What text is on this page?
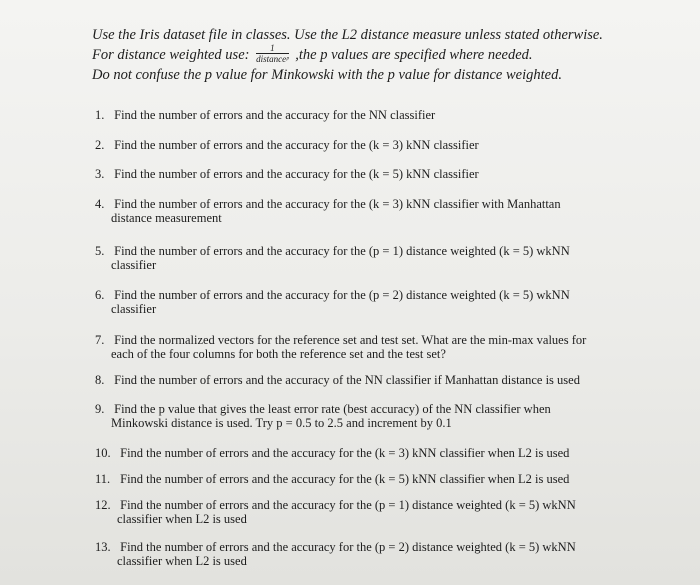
Use the Iris dataset file in classes. Use the L2 distance measure unless stated otherwise.
For distance weighted use: $\frac{1}{\text{distanceᵖ}} ,the$ p values are specified where needed.
Do not confuse the p value for Minkowski with the p value for distance weighted.
1. Find the number of errors and the accuracy for the NN classifier
2. Find the number of errors and the accuracy for the (k = 3) kNN classifier
3. Find the number of errors and the accuracy for the (k = 5) kNN classifier
4. Find the number of errors and the accuracy for the (k = 3) kNN classifier with Manhattan
distance measurement
5. Find the number of errors and the accuracy for the (p = 1) distance weighted (k = 5) wkNN
classifier
6. Find the number of errors and the accuracy for the (p = 2) distance weighted (k = 5) wkNN
classifier
7. Find the normalized vectors for the reference set and test set. What are the min-max values for
each of the four columns for both the reference set and the test set?
8. Find the number of errors and the accuracy of the NN classifier if Manhattan distance is used
9. Find the p value that gives the least error rate (best accuracy) of the NN classifier when
Minkowski distance is used. Try p = 0.5 to 2.5 and increment by 0.1
10. Find the number of errors and the accuracy for the (k = 3) kNN classifier when L2 is used
11. Find the number of errors and the accuracy for the (k = 5) kNN classifier when L2 is used
12. Find the number of errors and the accuracy for the (p = 1) distance weighted (k = 5) wkNN
classifier when L2 is used
13. Find the number of errors and the accuracy for the (p = 2) distance weighted (k = 5) wkNN
classifier when L2 is used
